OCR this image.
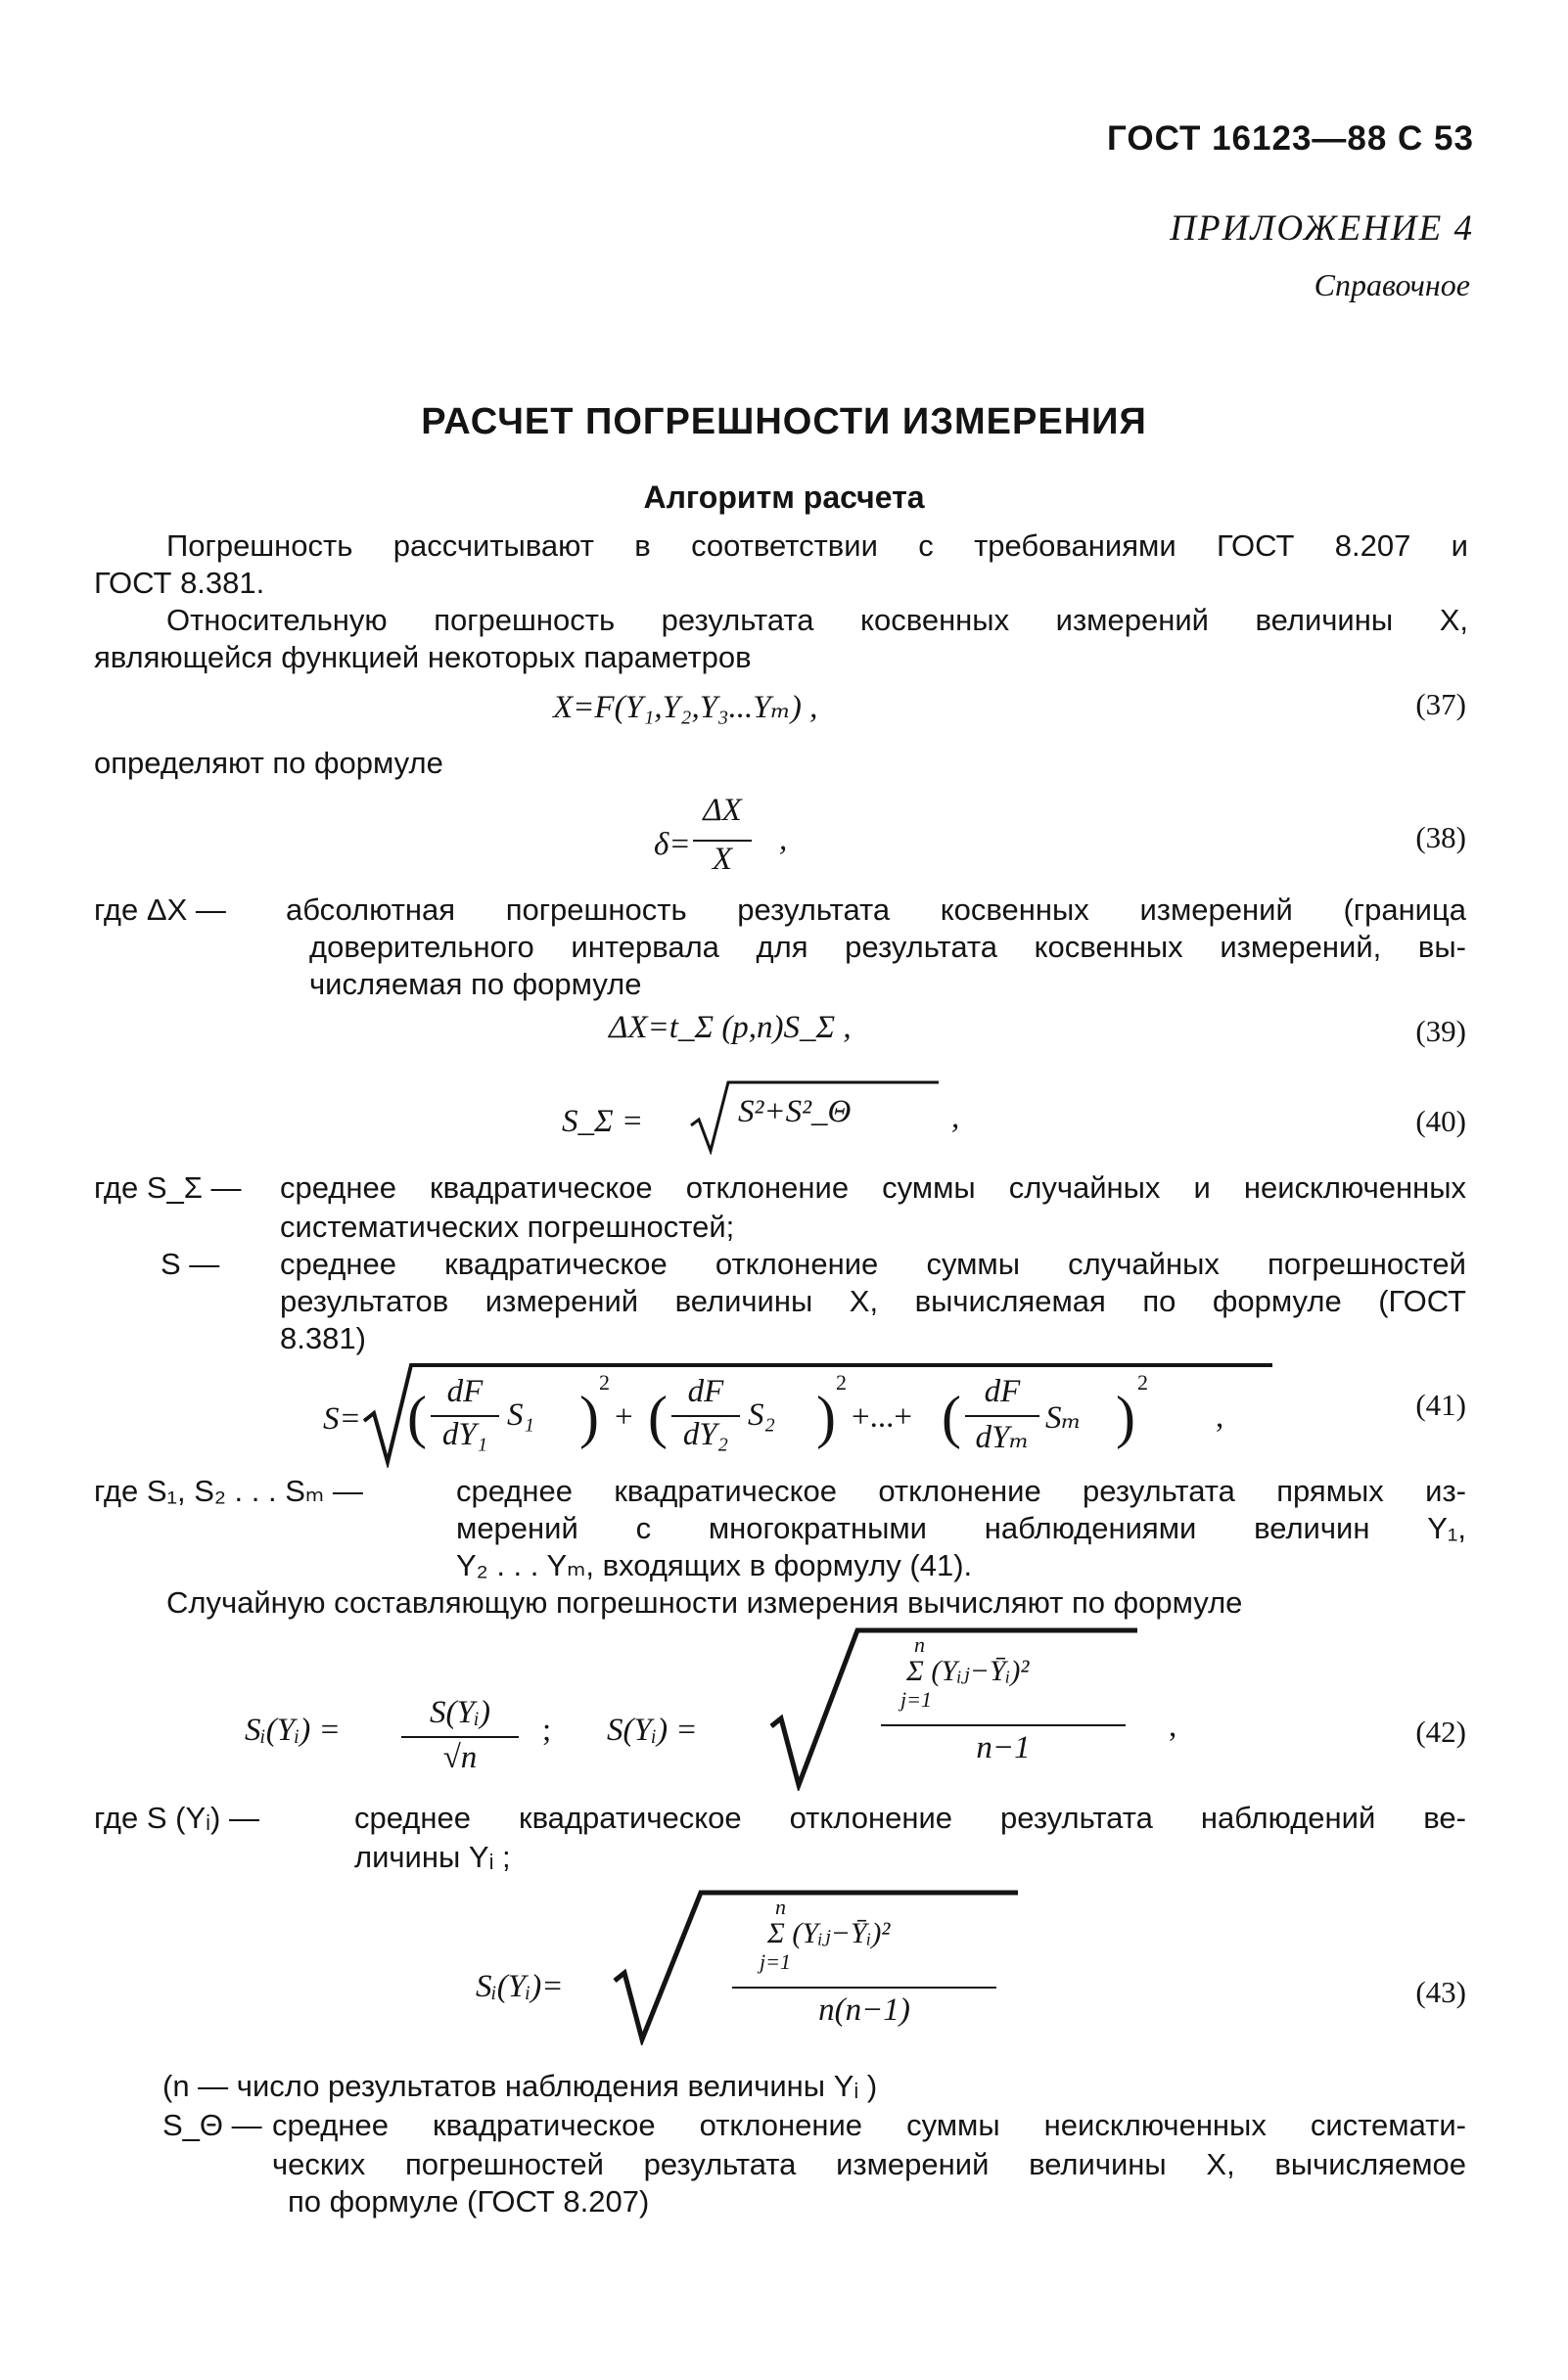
ГОСТ 16123—88 С 53
ПРИЛОЖЕНИЕ 4
Справочное
РАСЧЕТ ПОГРЕШНОСТИ ИЗМЕРЕНИЯ
Алгоритм расчета
Погрешность рассчитывают в соответствии с требованиями ГОСТ 8.207 и
ГОСТ 8.381.
Относительную погрешность результата косвенных измерений величины X,
являющейся функцией некоторых параметров
X=F(Y₁,Y₂,Y₃...Yₘ) ,	(37)
определяют по формуле
δ=
ΔX
X
,	(38)
где ΔX — абсолютная погрешность результата косвенных измерений (граница
доверительного интервала для результата косвенных измерений, вы-
числяемая по формуле
ΔX=t_Σ (p,n)S_Σ ,	(39)
S_Σ =	S²+S²_Θ	,	(40)
где S_Σ — среднее квадратическое отклонение суммы случайных и неисключенных
систематических погрешностей;
S — среднее квадратическое отклонение суммы случайных погрешностей
результатов измерений величины X, вычисляемая по формуле (ГОСТ
8.381)
S= ( dF
dY₁
S₁ )
2
+ ( dF
dY₂
S₂ )
2
+...+ ( dF
dYₘ
Sₘ )
2
,	(41)
где S₁, S₂ . . . Sₘ —	среднее квадратическое отклонение результата прямых из-
мерений с многократными наблюдениями величин Y₁,
Y₂ . . . Yₘ, входящих в формулу (41).
Случайную составляющую погрешности измерения вычисляют по формуле
Sᵢ(Yᵢ) =	S(Yᵢ)
√n
; S(Yᵢ) =
n
Σ (Yᵢⱼ−Ȳᵢ)²
j=1
n−1
,	(42)
где S (Yᵢ) —	среднее квадратическое отклонение результата наблюдений ве-
личины Yᵢ ;
Sᵢ(Yᵢ)=
n
Σ (Yᵢⱼ−Ȳᵢ)²
j=1
n(n−1)
(43)
(n — число результатов наблюдения величины Yᵢ )
S_Θ — среднее квадратическое отклонение суммы неисключенных системати-
ческих погрешностей результата измерений величины X, вычисляемое
по формуле (ГОСТ 8.207)
